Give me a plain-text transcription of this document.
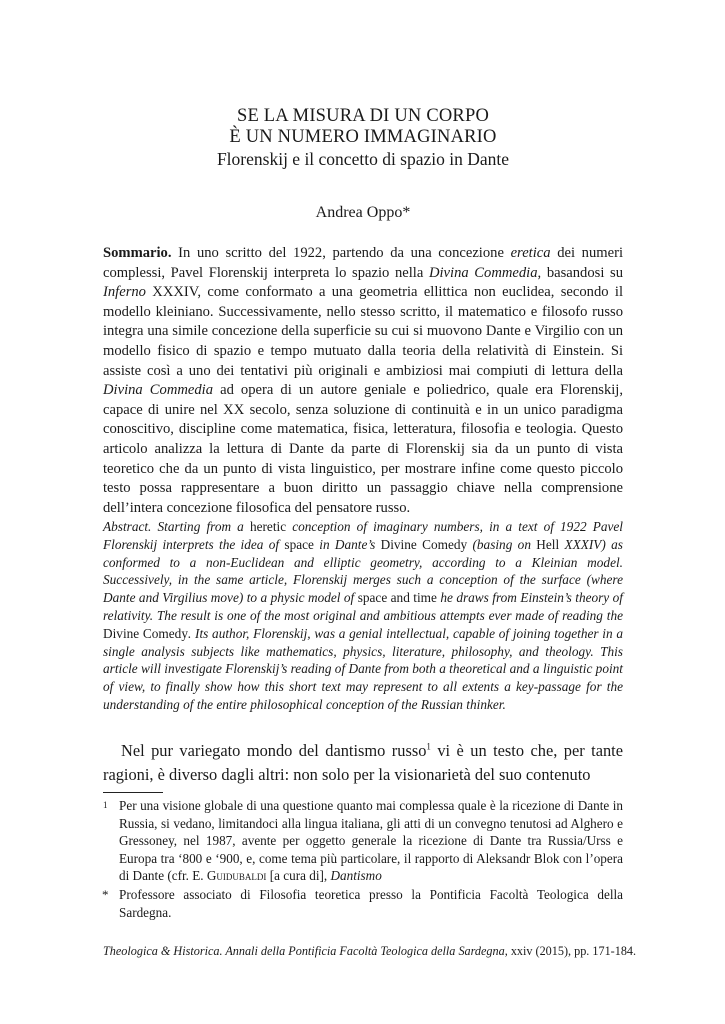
SE LA MISURA DI UN CORPO
È UN NUMERO IMMAGINARIO
Florenskij e il concetto di spazio in Dante
Andrea Oppo*
Sommario. In uno scritto del 1922, partendo da una concezione eretica dei numeri complessi, Pavel Florenskij interpreta lo spazio nella Divina Commedia, basandosi su Inferno XXXIV, come conformato a una geometria ellittica non euclidea, secondo il modello kleiniano. Successivamente, nello stesso scritto, il matematico e filosofo russo integra una simile concezione della superficie su cui si muovono Dante e Virgilio con un modello fisico di spazio e tempo mutuato dalla teoria della relatività di Einstein. Si assiste così a uno dei tentativi più originali e ambiziosi mai compiuti di lettura della Divina Commedia ad opera di un autore geniale e poliedrico, quale era Florenskij, capace di unire nel XX secolo, senza soluzione di continuità e in un unico paradigma conoscitivo, discipline come matematica, fisica, letteratura, filosofia e teologia. Questo articolo analizza la lettura di Dante da parte di Florenskij sia da un punto di vista teoretico che da un punto di vista linguistico, per mostrare infine come questo piccolo testo possa rappresentare a buon diritto un passaggio chiave nella comprensione dell’intera concezione filosofica del pensatore russo.
Abstract. Starting from a heretic conception of imaginary numbers, in a text of 1922 Pavel Florenskij interprets the idea of space in Dante’s Divine Comedy (basing on Hell XXXIV) as conformed to a non-Euclidean and elliptic geometry, according to a Kleinian model. Successively, in the same article, Florenskij merges such a conception of the surface (where Dante and Virgilius move) to a physic model of space and time he draws from Einstein’s theory of relativity. The result is one of the most original and ambitious attempts ever made of reading the Divine Comedy. Its author, Florenskij, was a genial intellectual, capable of joining together in a single analysis subjects like mathematics, physics, literature, philosophy, and theology. This article will investigate Florenskij’s reading of Dante from both a theoretical and a linguistic point of view, to finally show how this short text may represent to all extents a key-passage for the understanding of the entire philosophical conception of the Russian thinker.
Nel pur variegato mondo del dantismo russo$^1$ vi è un testo che, per tante ragioni, è diverso dagli altri: non solo per la visionarietà del suo contenuto
1 Per una visione globale di una questione quanto mai complessa quale è la ricezione di Dante in Russia, si vedano, limitandoci alla lingua italiana, gli atti di un convegno tenutosi ad Alghero e Gressoney, nel 1987, avente per oggetto generale la ricezione di Dante tra Russia/Urss e Europa tra ‘800 e ‘900, e, come tema più particolare, il rapporto di Aleksandr Blok con l’opera di Dante (cfr. E. Guidubaldi [a cura di], Dantismo
* Professore associato di Filosofia teoretica presso la Pontificia Facoltà Teologica della Sardegna.
Theologica & Historica. Annali della Pontificia Facoltà Teologica della Sardegna, xxiv (2015), pp. 171-184.
